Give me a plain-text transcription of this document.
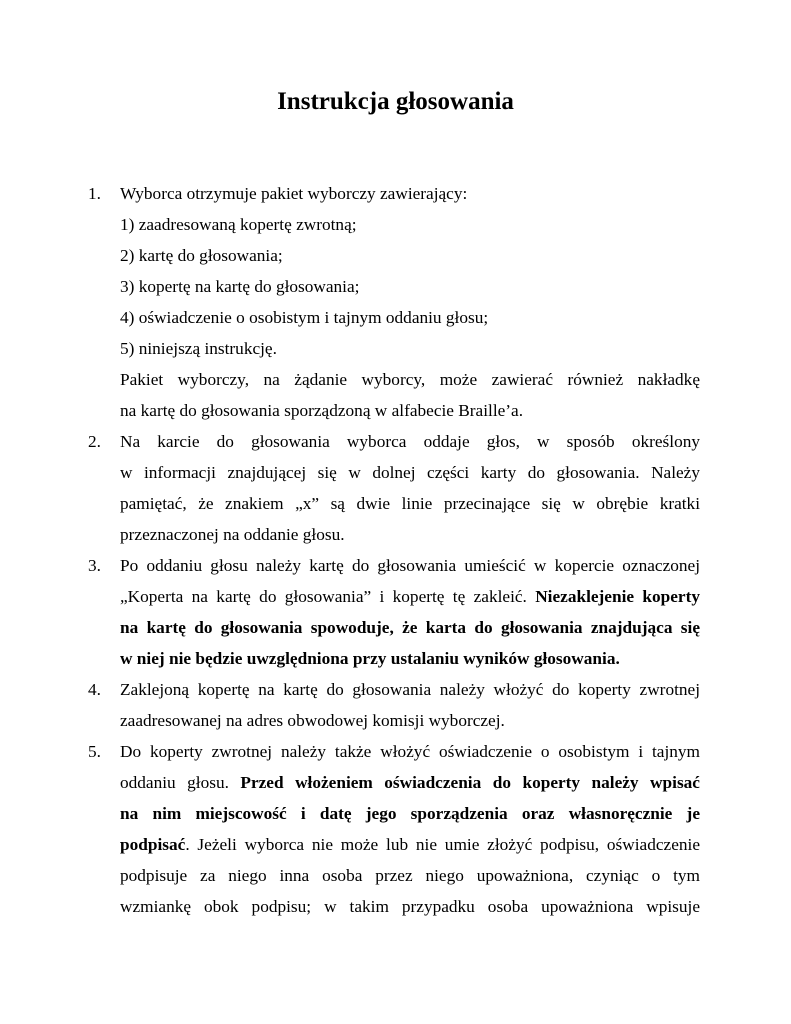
Instrukcja głosowania
1. Wyborca otrzymuje pakiet wyborczy zawierający:
1) zaadresowaną kopertę zwrotną;
2) kartę do głosowania;
3) kopertę na kartę do głosowania;
4) oświadczenie o osobistym i tajnym oddaniu głosu;
5) niniejszą instrukcję.
Pakiet wyborczy, na żądanie wyborcy, może zawierać również nakładkę
na kartę do głosowania sporządzoną w alfabecie Braille’a.
2. Na karcie do głosowania wyborca oddaje głos, w sposób określony
w informacji znajdującej się w dolnej części karty do głosowania. Należy
pamiętać, że znakiem „x” są dwie linie przecinające się w obrębie kratki
przeznaczonej na oddanie głosu.
3. Po oddaniu głosu należy kartę do głosowania umieścić w kopercie oznaczonej
„Koperta na kartę do głosowania” i kopertę tę zakleić. Niezaklejenie koperty
na kartę do głosowania spowoduje, że karta do głosowania znajdująca się
w niej nie będzie uwzględniona przy ustalaniu wyników głosowania.
4. Zaklejoną kopertę na kartę do głosowania należy włożyć do koperty zwrotnej
zaadresowanej na adres obwodowej komisji wyborczej.
5. Do koperty zwrotnej należy także włożyć oświadczenie o osobistym i tajnym
oddaniu głosu. Przed włożeniem oświadczenia do koperty należy wpisać
na nim miejscowość i datę jego sporządzenia oraz własnoręcznie je
podpisać. Jeżeli wyborca nie może lub nie umie złożyć podpisu, oświadczenie
podpisuje za niego inna osoba przez niego upoważniona, czyniąc o tym
wzmiankę obok podpisu; w takim przypadku osoba upoważniona wpisuje
